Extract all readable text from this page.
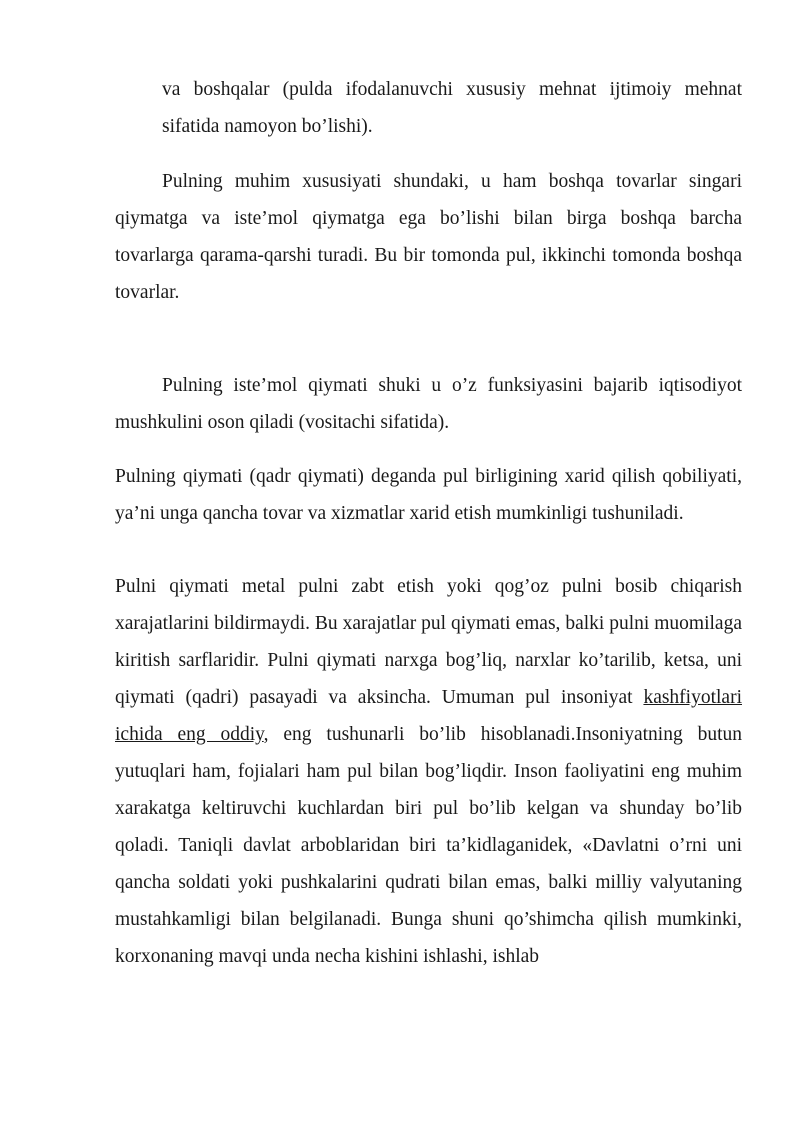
va boshqalar (pulda ifodalanuvchi xususiy mehnat ijtimoiy mehnat sifatida namoyon bo’lishi).

Pulning muhim xususiyati shundaki, u ham boshqa tovarlar singari qiymatga va iste’mol qiymatga ega bo’lishi bilan birga boshqa barcha tovarlarga qarama-qarshi turadi. Bu bir tomonda pul, ikkinchi tomonda boshqa tovarlar.

Pulning iste’mol qiymati shuki u o’z funksiyasini bajarib iqtisodiyot mushkulini oson qiladi (vositachi sifatida).

Pulning qiymati (qadr qiymati) deganda pul birligining xarid qilish qobiliyati, ya’ni unga qancha tovar va xizmatlar xarid etish mumkinligi tushuniladi.

Pulni qiymati metal pulni zabt etish yoki qog’oz pulni bosib chiqarish xarajatlarini bildirmaydi. Bu xarajatlar pul qiymati emas, balki pulni muomilaga kiritish sarflaridir. Pulni qiymati narxga bog’liq, narxlar ko’tarilib, ketsa, uni qiymati (qadri) pasayadi va aksincha. Umuman pul insoniyat kashfiyotlari ichida eng oddiy, eng tushunarli bo’lib hisoblanadi.Insoniyatning butun yutuqlari ham, fojialari ham pul bilan bog’liqdir. Inson faoliyatini eng muhim xarakatga keltiruvchi kuchlardan biri pul bo’lib kelgan va shunday bo’lib qoladi. Taniqli davlat arboblaridan biri ta’kidlaganidek, «Davlatni o’rni uni qancha soldati yoki pushkalarini qudrati bilan emas, balki milliy valyutaning mustahkamligi bilan belgilanadi. Bunga shuni qo’shimcha qilish mumkinki, korxonaning mavqi unda necha kishini ishlashi, ishlab
